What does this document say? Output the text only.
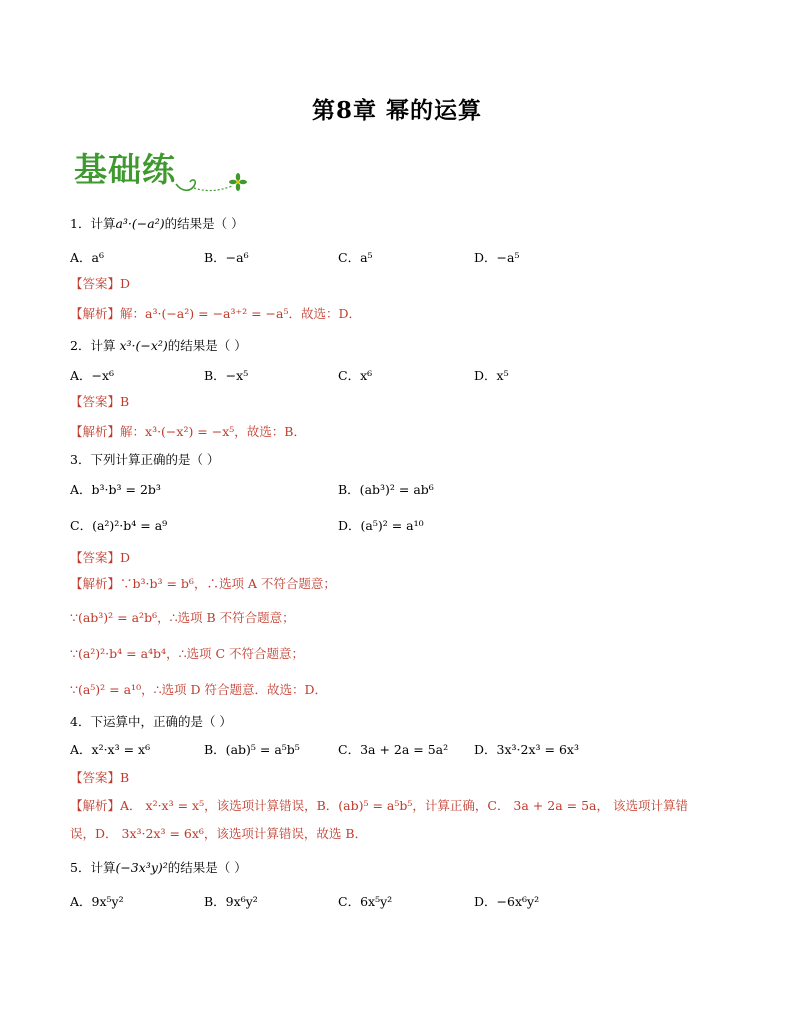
第8章 幂的运算
基础练
1．计算a³·(−a²)的结果是（ ）
A．a⁶	B．−a⁶	C．a⁵	D．−a⁵
【答案】D
【解析】解：a³·(−a²) = −a³⁺² = −a⁵．故选：D．
2．计算 x³·(−x²)的结果是（ ）
A．−x⁶	B．−x⁵	C．x⁶	D．x⁵
【答案】B
【解析】解：x³·(−x²) = −x⁵，故选：B．
3．下列计算正确的是（ ）
A．b³·b³ = 2b³	B．(ab³)² = ab⁶
C．(a²)²·b⁴ = a⁹	D．(a⁵)² = a¹⁰
【答案】D
【解析】∵b³·b³ = b⁶，∴选项 A 不符合题意；
∵(ab³)² = a²b⁶，∴选项 B 不符合题意；
∵(a²)²·b⁴ = a⁴b⁴，∴选项 C 不符合题意；
∵(a⁵)² = a¹⁰，∴选项 D 符合题意．故选：D．
4．下运算中，正确的是（ ）
A．x²·x³ = x⁶	B．(ab)⁵ = a⁵b⁵	C．3a + 2a = 5a² D．3x³·2x³ = 6x³
【答案】B
【解析】A． x²·x³ = x⁵，该选项计算错误，B．(ab)⁵ = a⁵b⁵，计算正确，C． 3a + 2a = 5a， 该选项计算错
误，D． 3x³·2x³ = 6x⁶，该选项计算错误，故选 B．
5．计算(−3x³y)²的结果是（ ）
A．9x⁵y²	B．9x⁶y²	C．6x⁵y²	D．−6x⁶y²
